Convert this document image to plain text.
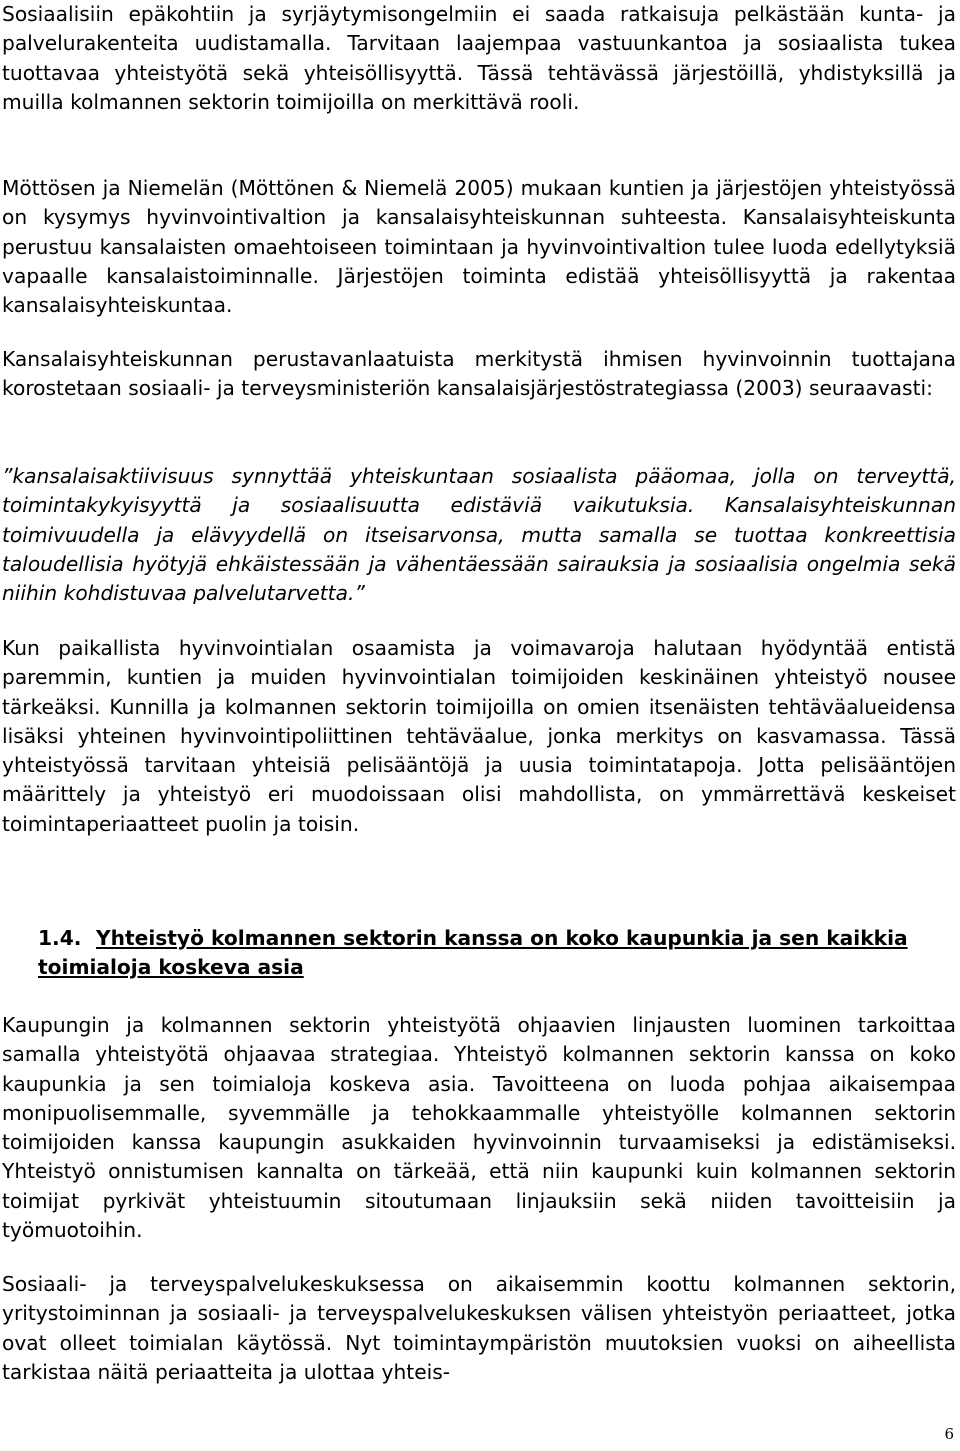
Sosiaalisiin epäkohtiin ja syrjäytymisongelmiin ei saada ratkaisuja pelkästään kunta- ja palvelurakenteita uudistamalla. Tarvitaan laajempaa vastuunkantoa ja sosiaalista tukea tuottavaa yhteistyötä sekä yhteisöllisyyttä. Tässä tehtävässä järjestöillä, yhdistyksillä ja muilla kolmannen sektorin toimijoilla on merkittävä rooli.

Möttösen ja Niemelän (Möttönen & Niemelä 2005) mukaan kuntien ja järjestöjen yhteistyössä on kysymys hyvinvointivaltion ja kansalaisyhteiskunnan suhteesta. Kansalaisyhteiskunta perustuu kansalaisten omaehtoiseen toimintaan ja hyvinvointivaltion tulee luoda edellytyksiä vapaalle kansalaistoiminnalle. Järjestöjen toiminta edistää yhteisöllisyyttä ja rakentaa kansalaisyhteiskuntaa.

Kansalaisyhteiskunnan perustavanlaatuista merkitystä ihmisen hyvinvoinnin tuottajana korostetaan sosiaali- ja terveysministeriön kansalaisjärjestöstrategiassa (2003) seuraavasti:

”kansalaisaktiivisuus synnyttää yhteiskuntaan sosiaalista pääomaa, jolla on terveyttä, toimintakykyisyyttä ja sosiaalisuutta edistäviä vaikutuksia. Kansalaisyhteiskunnan toimivuudella ja elävyydellä on itseisarvonsa, mutta samalla se tuottaa konkreettisia taloudellisia hyötyjä ehkäistessään ja vähentäessään sairauksia ja sosiaalisia ongelmia sekä niihin kohdistuvaa palvelutarvetta.”

Kun paikallista hyvinvointialan osaamista ja voimavaroja halutaan hyödyntää entistä paremmin, kuntien ja muiden hyvinvointialan toimijoiden keskinäinen yhteistyö nousee tärkeäksi. Kunnilla ja kolmannen sektorin toimijoilla on omien itsenäisten tehtäväalueidensa lisäksi yhteinen hyvinvointipoliittinen tehtäväalue, jonka merkitys on kasvamassa. Tässä yhteistyössä tarvitaan yhteisiä pelisääntöjä ja uusia toimintatapoja. Jotta pelisääntöjen määrittely ja yhteistyö eri muodoissaan olisi mahdollista, on ymmärrettävä keskeiset toimintaperiaatteet puolin ja toisin.

1.4. Yhteistyö kolmannen sektorin kanssa on koko kaupunkia ja sen kaikkia toimialoja koskeva asia

Kaupungin ja kolmannen sektorin yhteistyötä ohjaavien linjausten luominen tarkoittaa samalla yhteistyötä ohjaavaa strategiaa. Yhteistyö kolmannen sektorin kanssa on koko kaupunkia ja sen toimialoja koskeva asia. Tavoitteena on luoda pohjaa aikaisempaa monipuolisemmalle, syvemmälle ja tehokkaammalle yhteistyölle kolmannen sektorin toimijoiden kanssa kaupungin asukkaiden hyvinvoinnin turvaamiseksi ja edistämiseksi. Yhteistyö onnistumisen kannalta on tärkeää, että niin kaupunki kuin kolmannen sektorin toimijat pyrkivät yhteistuumin sitoutumaan linjauksiin sekä niiden tavoitteisiin ja työmuotoihin.

Sosiaali- ja terveyspalvelukeskuksessa on aikaisemmin koottu kolmannen sektorin, yritystoiminnan ja sosiaali- ja terveyspalvelukeskuksen välisen yhteistyön periaatteet, jotka ovat olleet toimialan käytössä. Nyt toimintaympäristön muutoksien vuoksi on aiheellista tarkistaa näitä periaatteita ja ulottaa yhteis-

6
